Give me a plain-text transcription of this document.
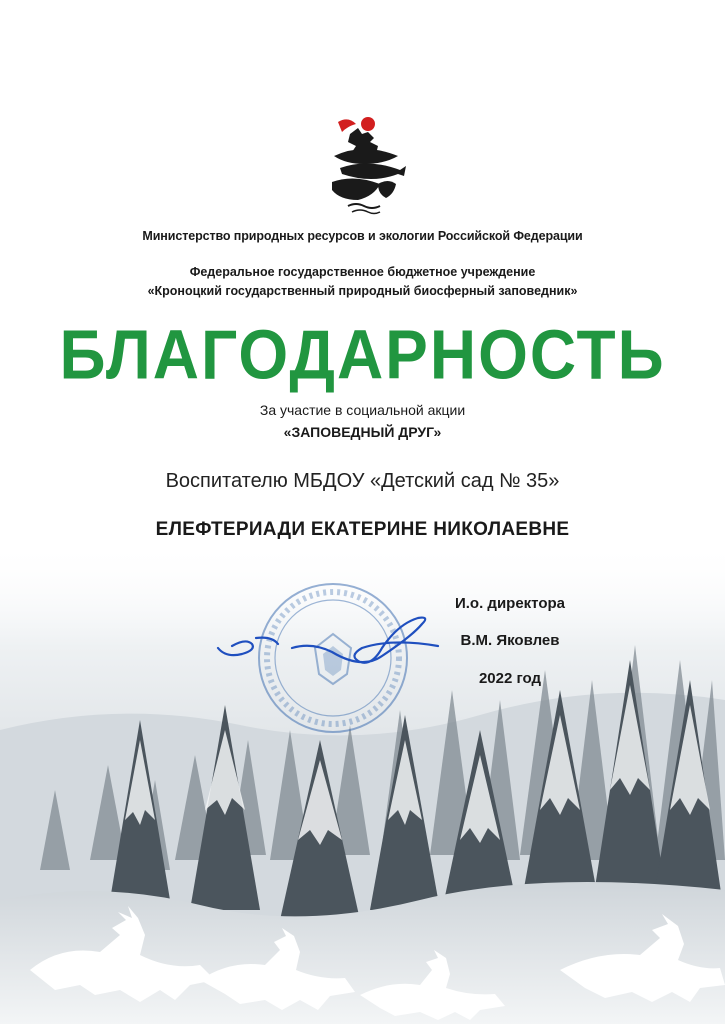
Министерство природных ресурсов и экологии Российской Федерации
Федеральное государственное бюджетное учреждение
«Кроноцкий государственный природный биосферный заповедник»
БЛАГОДАРНОСТЬ
За участие в социальной акции
«ЗАПОВЕДНЫЙ ДРУГ»
Воспитателю МБДОУ «Детский сад № 35»
ЕЛЕФТЕРИАДИ ЕКАТЕРИНЕ НИКОЛАЕВНЕ
И.о. директора
В.М. Яковлев
2022 год
